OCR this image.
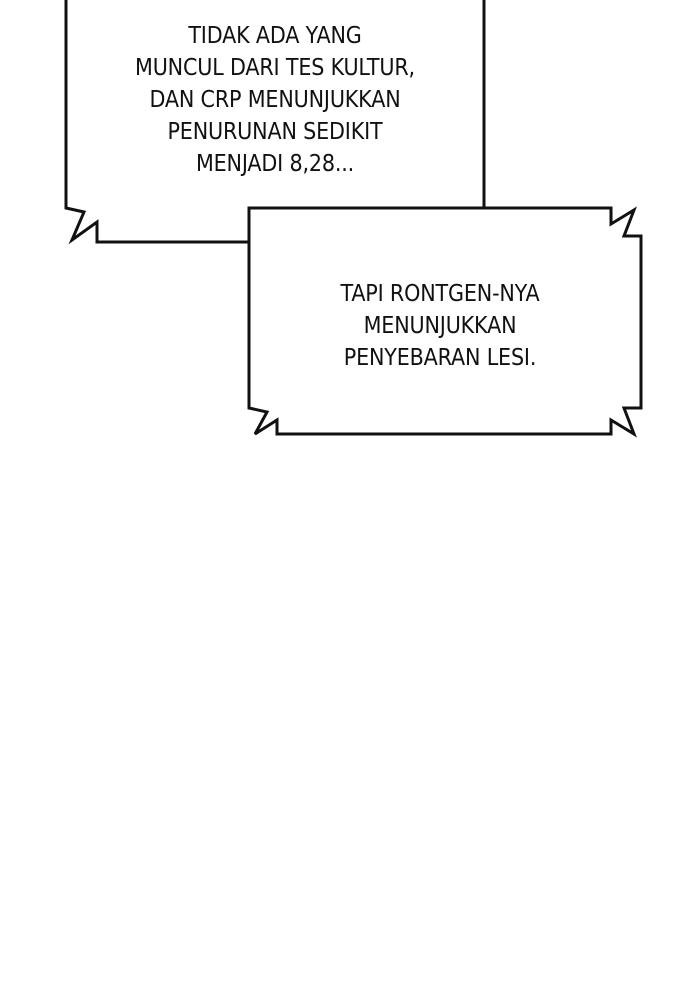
TIDAK ADA YANG
MUNCUL DARI TES KULTUR,
DAN CRP MENUNJUKKAN
PENURUNAN SEDIKIT
MENJADI 8,28...

TAPI RONTGEN-NYA
MENUNJUKKAN
PENYEBARAN LESI.
